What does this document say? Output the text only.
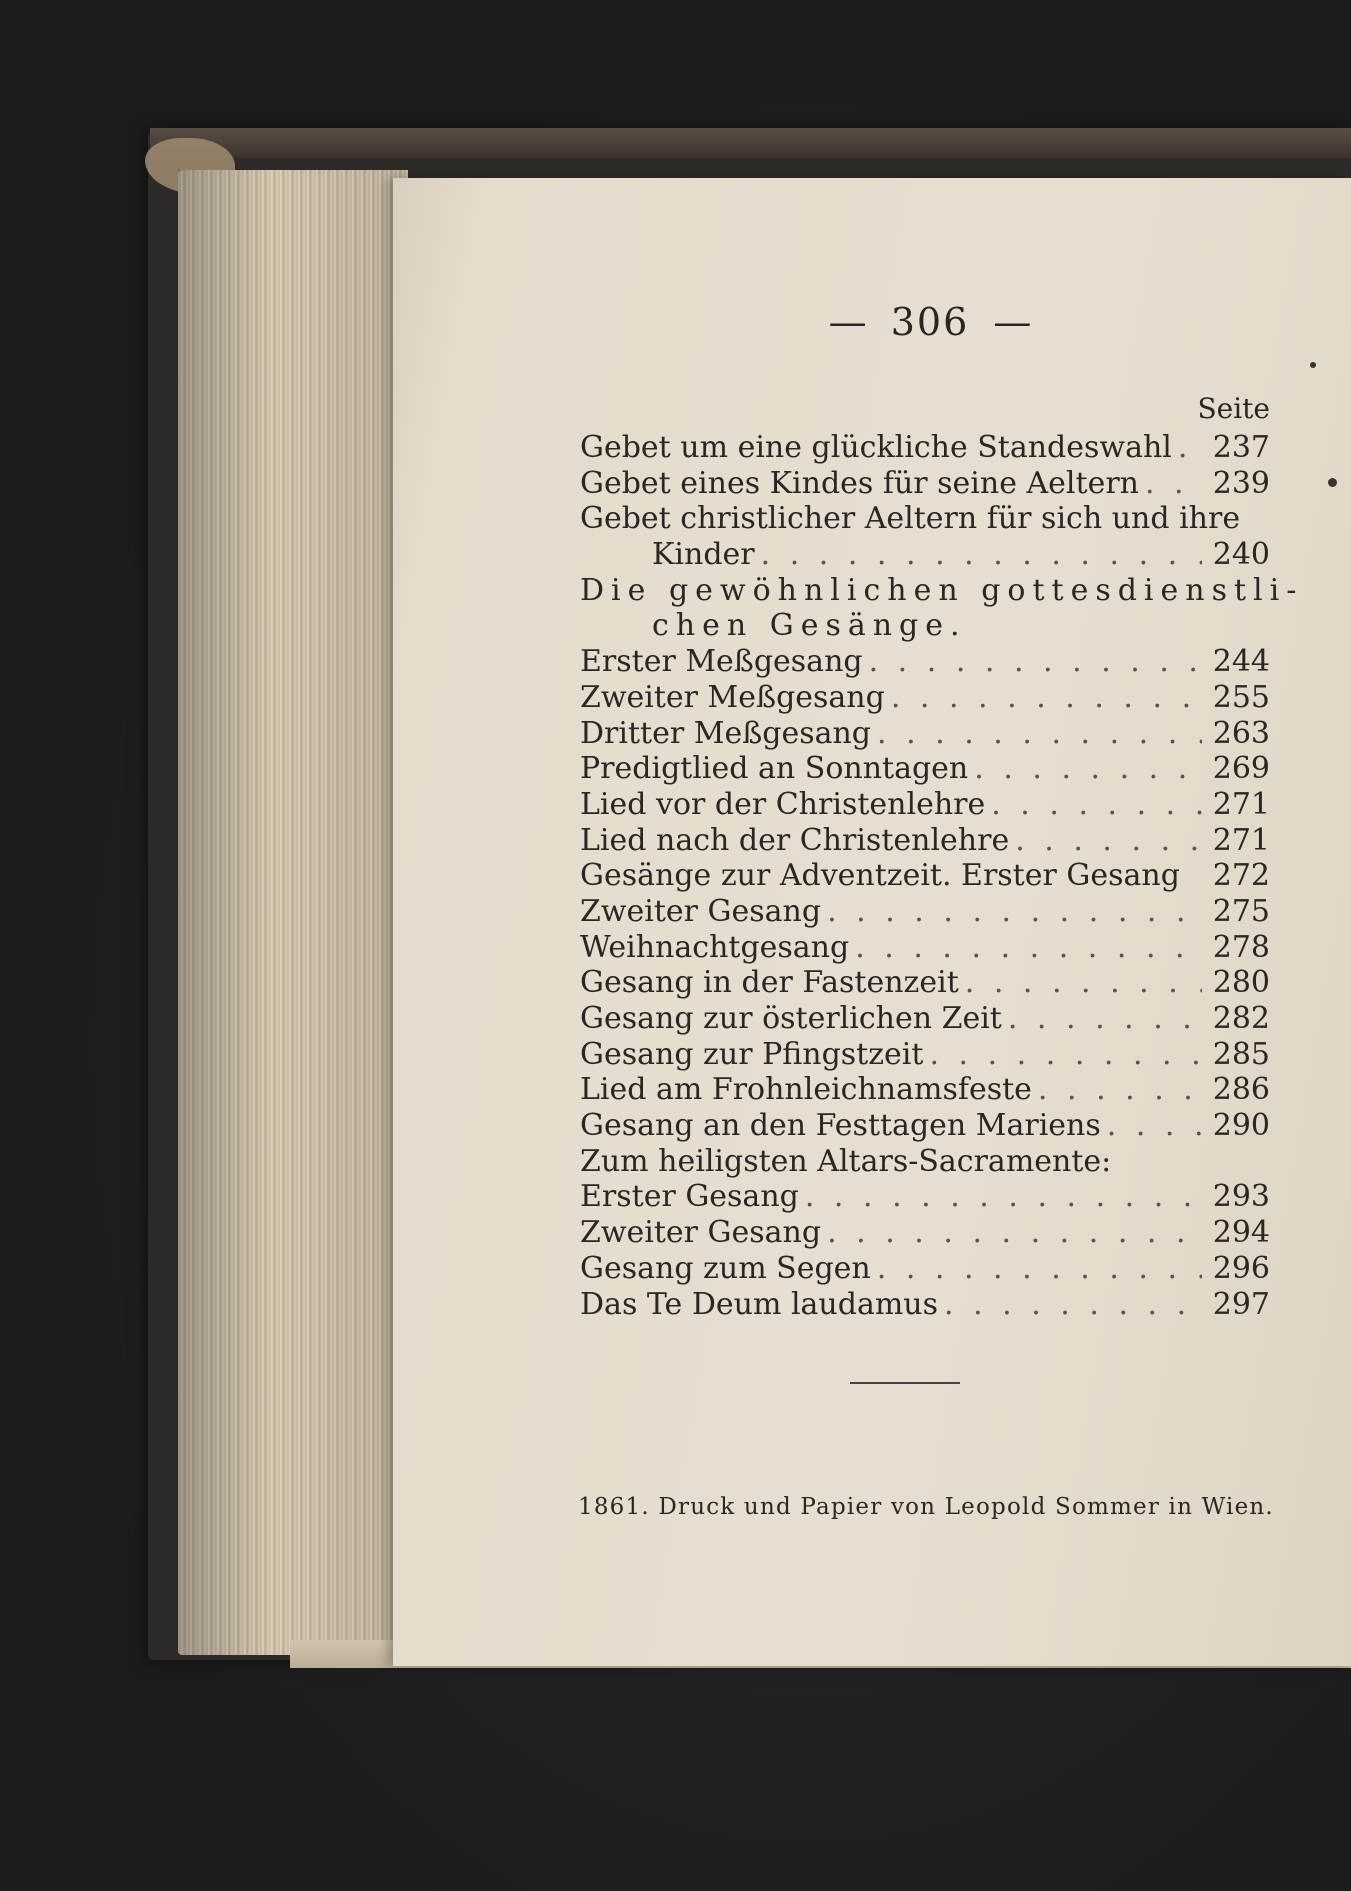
—  306  —
Seite
Gebet um eine glückliche Standeswahl . . . 237
Gebet eines Kindes für seine Aeltern . . . 239
Gebet christlicher Aeltern für sich und ihre
Kinder . . .	240
Die gewöhnlichen gottesdienstli-
chen Gesänge.
Erster Meßgesang . . .	244
Zweiter Meßgesang . . .	255
Dritter Meßgesang . . .	263
Predigtlied an Sonntagen . . .	269
Lied vor der Christenlehre . . .	271
Lied nach der Christenlehre . . .	271
Gesänge zur Adventzeit. Erster Gesang 272
Zweiter Gesang . . .	275
Weihnachtgesang . . .	278
Gesang in der Fastenzeit . . .	280
Gesang zur österlichen Zeit . . .	282
Gesang zur Pfingstzeit . . .	285
Lied am Frohnleichnamsfeste . . .	286
Gesang an den Festtagen Mariens . . .	290
Zum heiligsten Altars-Sacramente:
Erster Gesang . . .	293
Zweiter Gesang . . .	294
Gesang zum Segen . . .	296
Das Te Deum laudamus . . .	297
1861. Druck und Papier von Leopold Sommer in Wien.
